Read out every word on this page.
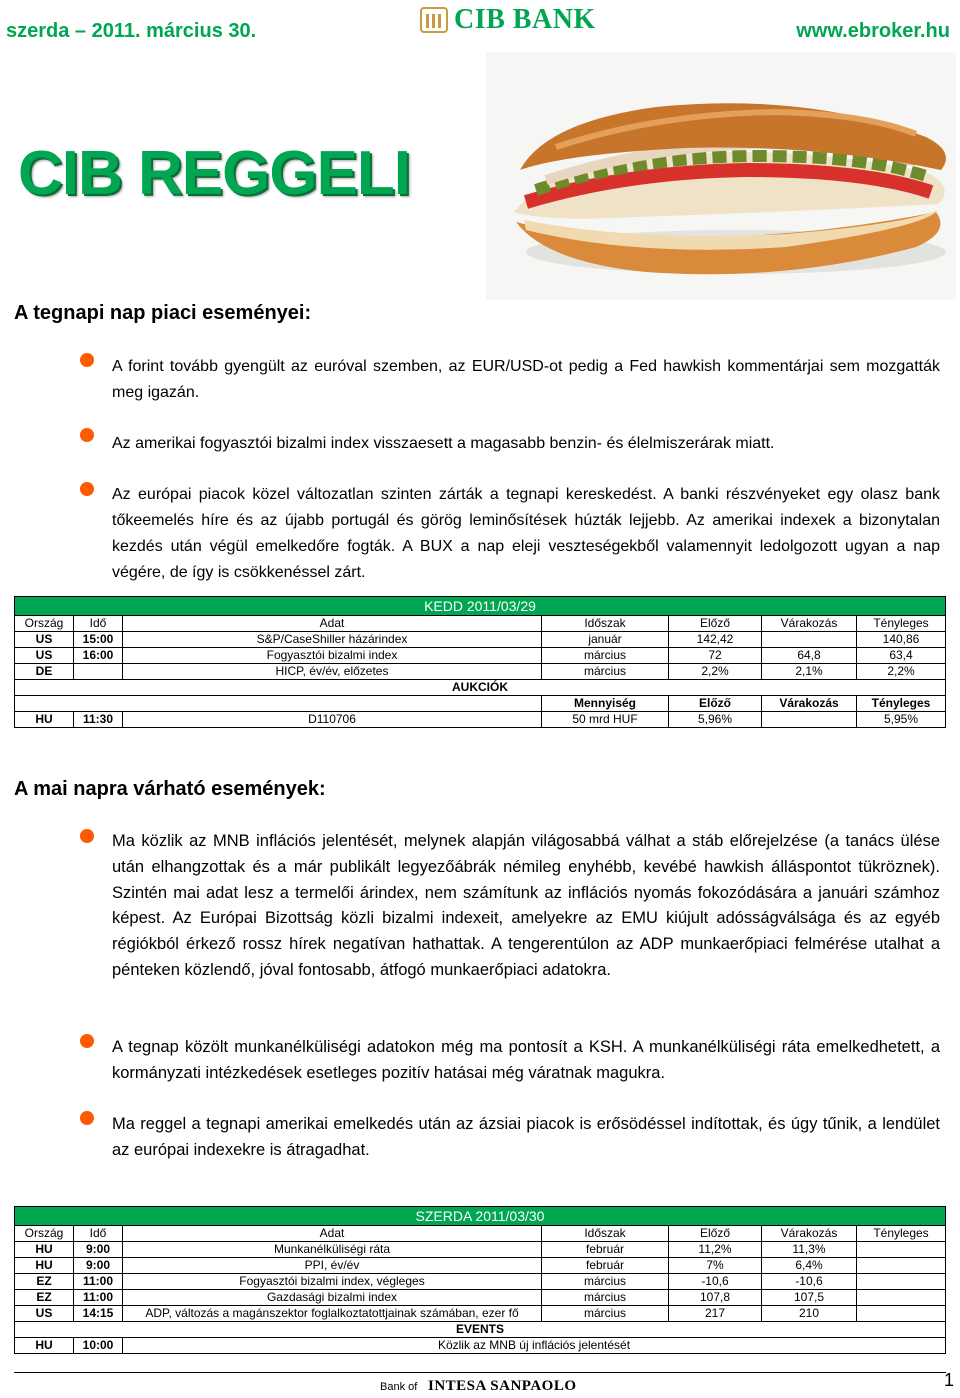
szerda – 2011. március 30.	CIB BANK	www.ebroker.hu
CIB REGGELI
A tegnapi nap piaci eseményei:
A forint tovább gyengült az euróval szemben, az EUR/USD-ot pedig a Fed hawkish kommentárjai sem mozgatták meg igazán.
Az amerikai fogyasztói bizalmi index visszaesett a magasabb benzin- és élelmiszerárak miatt.
Az európai piacok közel változatlan szinten zárták a tegnapi kereskedést. A banki részvényeket egy olasz bank tőkeemelés híre és az újabb portugál és görög leminősítések húzták lejjebb. Az amerikai indexek a bizonytalan kezdés után végül emelkedőre fogták. A BUX a nap eleji veszteségekből valamennyit ledolgozott ugyan a nap végére, de így is csökkenéssel zárt.
KEDD 2011/03/29						
Ország	Idő	Adat	Időszak	Előző	Várakozás	Tényleges
US	15:00	S&P/CaseShiller házárindex	január	142,42		140,86
US	16:00	Fogyasztói bizalmi index	március	72	64,8	63,4
DE		HICP, év/év, előzetes	március	2,2%	2,1%	2,2%
AUKCIÓK						
			Mennyiség	Előző	Várakozás	Tényleges
HU	11:30	D110706	50 mrd HUF	5,96%		5,95%
A mai napra várható események:
Ma közlik az MNB inflációs jelentését, melynek alapján világosabbá válhat a stáb előrejelzése (a tanács ülése után elhangzottak és a már publikált legyezőábrák némileg enyhébb, kevébé hawkish álláspontot tükröznek). Szintén mai adat lesz a termelői árindex, nem számítunk az inflációs nyomás fokozódására a januári számhoz képest. Az Európai Bizottság közli bizalmi indexeit, amelyekre az EMU kiújult adósságválsága és az egyéb régiókból érkező rossz hírek negatívan hathattak. A tengerentúlon az ADP munkaerőpiaci felmérése utalhat a pénteken közlendő, jóval fontosabb, átfogó munkaerőpiaci adatokra.
A tegnap közölt munkanélküliségi adatokon még ma pontosít a KSH. A munkanélküliségi ráta emelkedhetett, a kormányzati intézkedések esetleges pozitív hatásai még váratnak magukra.
Ma reggel a tegnapi amerikai emelkedés után az ázsiai piacok is erősödéssel indítottak, és úgy tűnik, a lendület az európai indexekre is átragadhat.
SZERDA 2011/03/30						
Ország	Idő	Adat	Időszak	Előző	Várakozás	Tényleges
HU	9:00	Munkanélküliségi ráta	február	11,2%	11,3%	
HU	9:00	PPI, év/év	február	7%	6,4%	
EZ	11:00	Fogyasztói bizalmi index, végleges	március	-10,6	-10,6	
EZ	11:00	Gazdasági bizalmi index	március	107,8	107,5	
US	14:15	ADP, változás a magánszektor foglalkoztatottjainak számában, ezer fő	március	217	210	
EVENTS						
HU	10:00	Közlik az MNB új inflációs jelentését				
Bank of INTESA SANPAOLO	1
